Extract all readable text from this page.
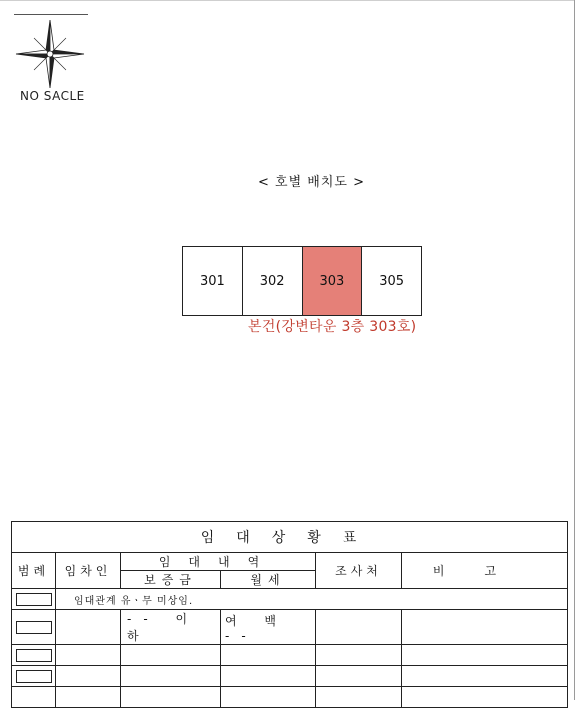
NO SACLE
< 호별 배치도 >
301	302	303	305
본건(강변타운 3층 303호)
임대상황표					
범례	임차인	임대내역		조사처	비고
		보증금	월세		
	임대관계 유ㆍ무 미상임.				
		-- 이 하	여 백 --		
